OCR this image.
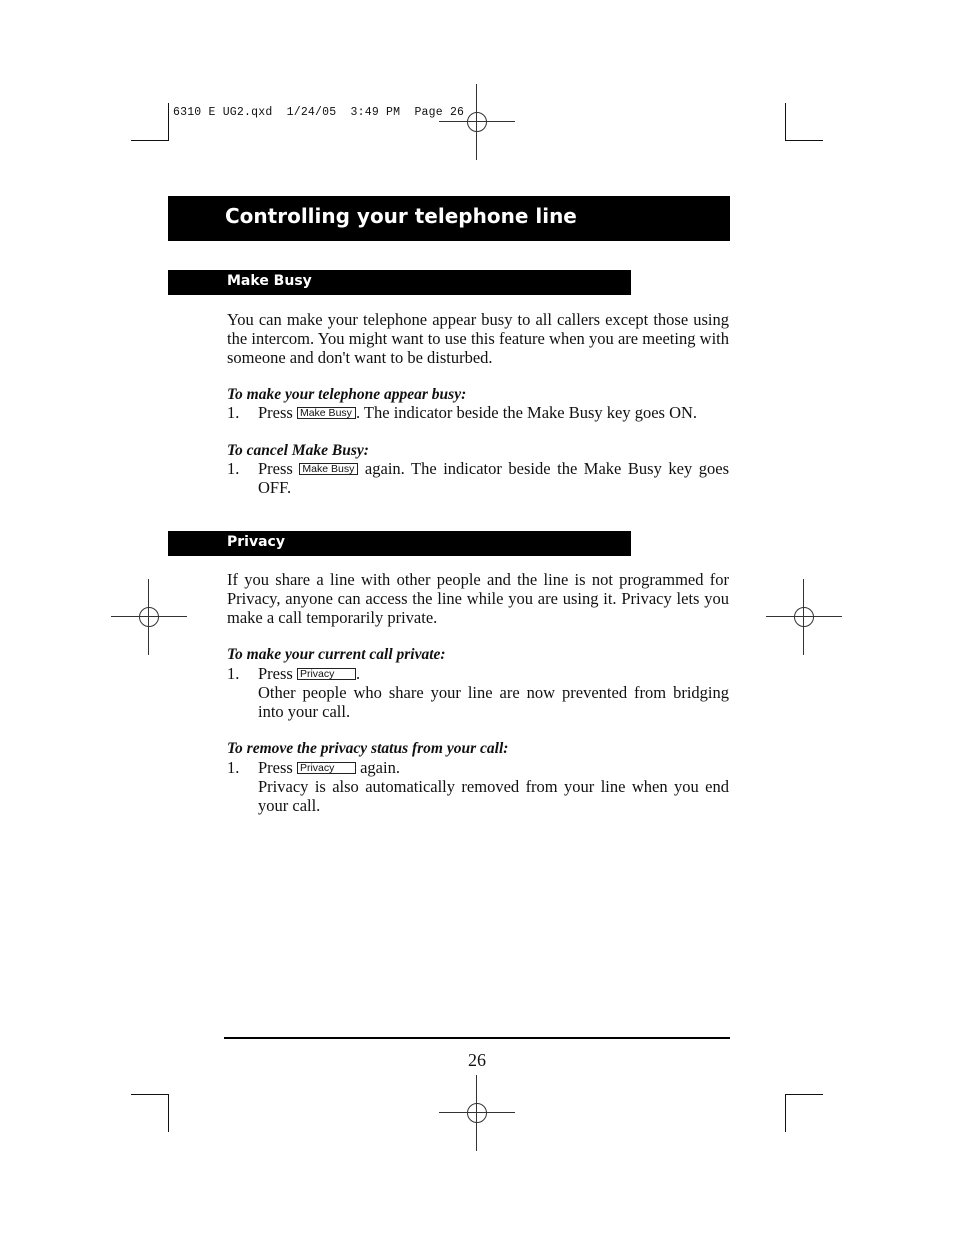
6310 E UG2.qxd  1/24/05  3:49 PM  Page 26
Controlling your telephone line
Make Busy
You can make your telephone appear busy to all callers except those using the intercom. You might want to use this feature when you are meeting with someone and don't want to be disturbed.
To make your telephone appear busy:
1. Press Make Busy . The indicator beside the Make Busy key goes ON.
To cancel Make Busy:
1. Press Make Busy again. The indicator beside the Make Busy key goes OFF.
Privacy
If you share a line with other people and the line is not programmed for Privacy, anyone can access the line while you are using it. Privacy lets you make a call temporarily private.
To make your current call private:
1. Press Privacy .
Other people who share your line are now prevented from bridging into your call.
To remove the privacy status from your call:
1. Press Privacy again.
Privacy is also automatically removed from your line when you end your call.
26
